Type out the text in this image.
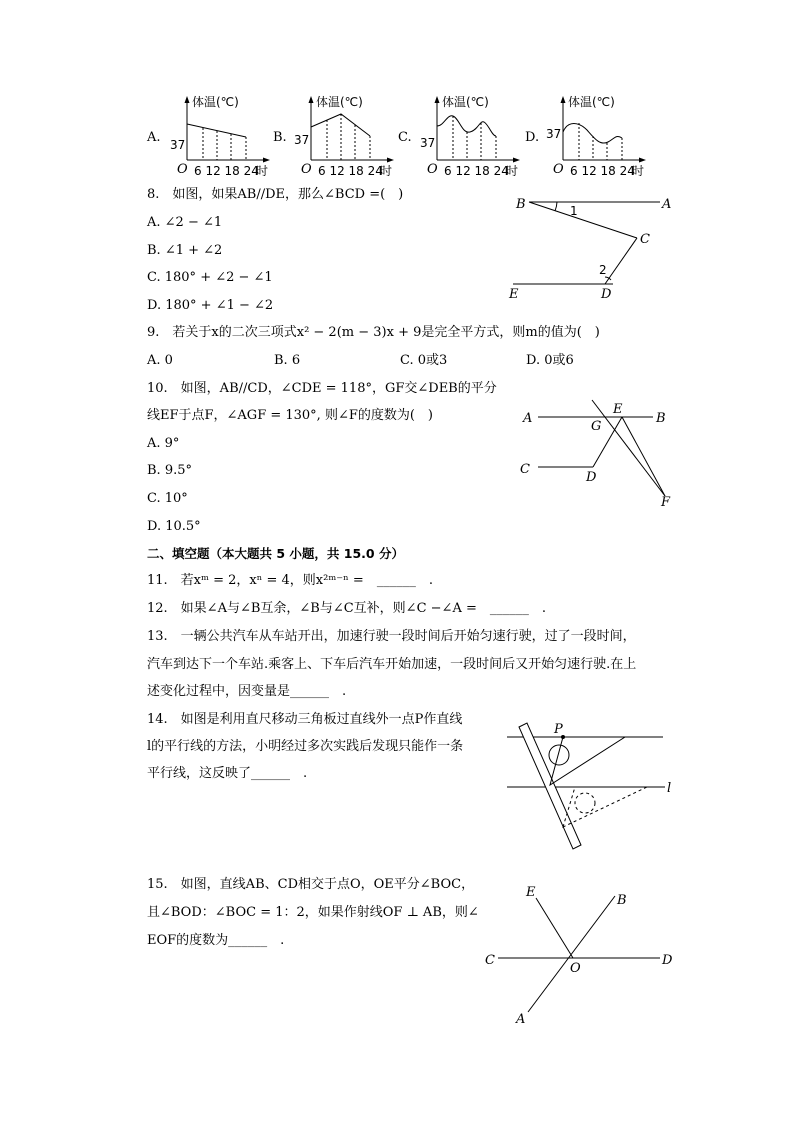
A.
体温(℃)
37
O 6 12 18 24
时
B.
体温(℃)
37
O 6 12 18 24
时
C.
体温(℃)
37
O 6 12 18 24
时
D.
体温(℃)
37
O 6 12 18 24
时
8.　如图，如果AB//DE，那么∠BCD =(　)
A. ∠2 − ∠1
B. ∠1 + ∠2
C. 180° + ∠2 − ∠1
D. 180° + ∠1 − ∠2
B	A
C
E	D
1
2
9.　若关于x的二次三项式x² − 2(m − 3)x + 9是完全平方式，则m的值为(　)
A. 0	B. 6	C. 0或3	D. 0或6
10.　如图，AB//CD，∠CDE = 118°，GF交∠DEB的平分
线EF于点F，∠AGF = 130°, 则∠F的度数为(　)
A. 9°
B. 9.5°
C. 10°
D. 10.5°
A
E
B
G
C
D
F
二、填空题（本大题共 5 小题，共 15.0 分）
11.　若xᵐ = 2，xⁿ = 4，则x²ᵐ⁻ⁿ =　______　.
12.　如果∠A与∠B互余，∠B与∠C互补，则∠C −∠A =　______　.
13.　一辆公共汽车从车站开出，加速行驶一段时间后开始匀速行驶，过了一段时间，
汽车到达下一个车站.乘客上、下车后汽车开始加速，一段时间后又开始匀速行驶.在上
述变化过程中，因变量是______　.
14.　如图是利用直尺移动三角板过直线外一点P作直线
l的平行线的方法，小明经过多次实践后发现只能作一条
平行线，这反映了______　.
P
l
15.　如图，直线AB、CD相交于点O，OE平分∠BOC，
且∠BOD：∠BOC = 1：2，如果作射线OF ⊥ AB，则∠
EOF的度数为______　.
E
B
C
O
D
A
